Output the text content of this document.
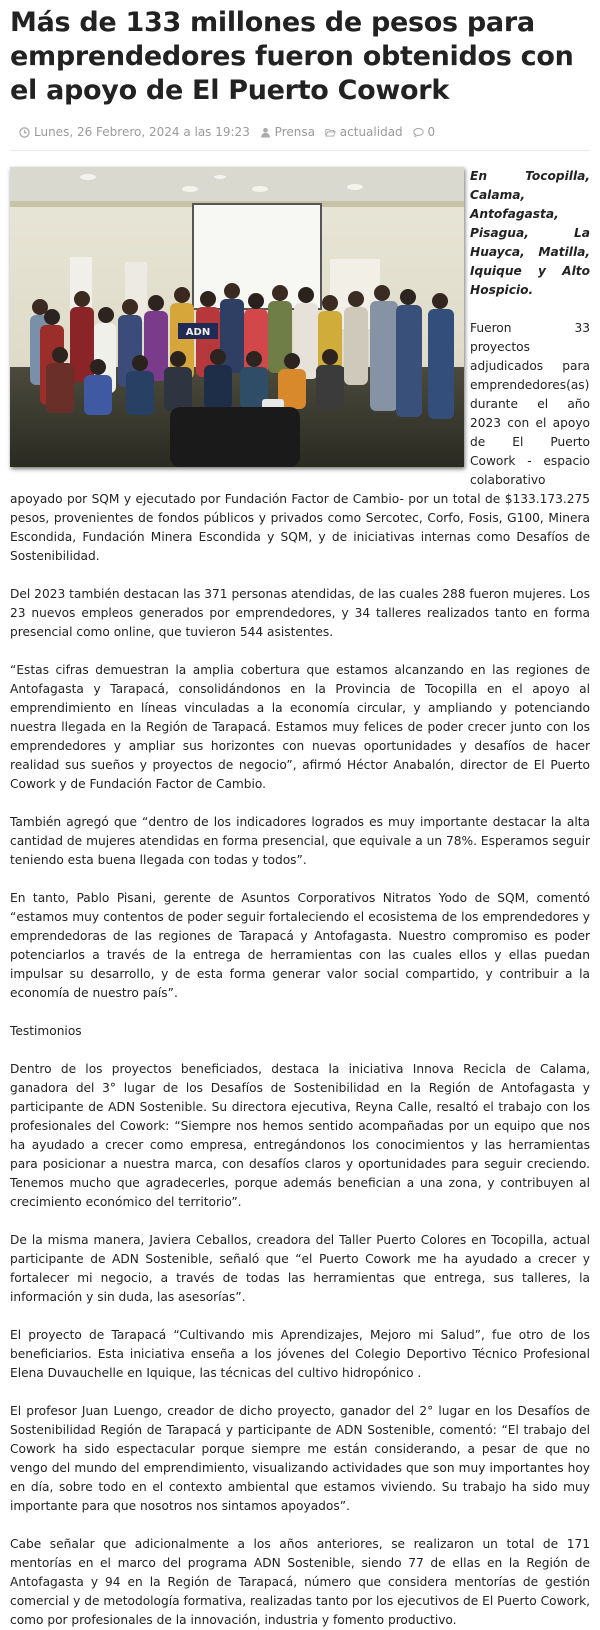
Más de 133 millones de pesos para emprendedores fueron obtenidos con el apoyo de El Puerto Cowork
Lunes, 26 Febrero, 2024 a las 19:23
Prensa
actualidad
0
ADN

En Tocopilla, Calama, Antofagasta, Pisagua, La Huayca, Matilla, Iquique y Alto Hospicio.

Fueron 33 proyectos adjudicados para emprendedores(as) durante el año 2023 con el apoyo de El Puerto Cowork - espacio colaborativo apoyado por SQM y ejecutado por Fundación Factor de Cambio- por un total de $133.173.275 pesos, provenientes de fondos públicos y privados como Sercotec, Corfo, Fosis, G100, Minera Escondida, Fundación Minera Escondida y SQM, y de iniciativas internas como Desafíos de Sostenibilidad.

Del 2023 también destacan las 371 personas atendidas, de las cuales 288 fueron mujeres. Los 23 nuevos empleos generados por emprendedores, y 34 talleres realizados tanto en forma presencial como online, que tuvieron 544 asistentes.

“Estas cifras demuestran la amplia cobertura que estamos alcanzando en las regiones de Antofagasta y Tarapacá, consolidándonos en la Provincia de Tocopilla en el apoyo al emprendimiento en líneas vinculadas a la economía circular, y ampliando y potenciando nuestra llegada en la Región de Tarapacá. Estamos muy felices de poder crecer junto con los emprendedores y ampliar sus horizontes con nuevas oportunidades y desafíos de hacer realidad sus sueños y proyectos de negocio”, afirmó Héctor Anabalón, director de El Puerto Cowork y de Fundación Factor de Cambio.

También agregó que “dentro de los indicadores logrados es muy importante destacar la alta cantidad de mujeres atendidas en forma presencial, que equivale a un 78%. Esperamos seguir teniendo esta buena llegada con todas y todos”.

En tanto, Pablo Pisani, gerente de Asuntos Corporativos Nitratos Yodo de SQM, comentó “estamos muy contentos de poder seguir fortaleciendo el ecosistema de los emprendedores y emprendedoras de las regiones de Tarapacá y Antofagasta. Nuestro compromiso es poder potenciarlos a través de la entrega de herramientas con las cuales ellos y ellas puedan impulsar su desarrollo, y de esta forma generar valor social compartido, y contribuir a la economía de nuestro país”.

Testimonios

Dentro de los proyectos beneficiados, destaca la iniciativa Innova Recicla de Calama, ganadora del 3° lugar de los Desafíos de Sostenibilidad en la Región de Antofagasta y participante de ADN Sostenible. Su directora ejecutiva, Reyna Calle, resaltó el trabajo con los profesionales del Cowork: “Siempre nos hemos sentido acompañadas por un equipo que nos ha ayudado a crecer como empresa, entregándonos los conocimientos y las herramientas para posicionar a nuestra marca, con desafíos claros y oportunidades para seguir creciendo. Tenemos mucho que agradecerles, porque además benefician a una zona, y contribuyen al crecimiento económico del territorio”.

De la misma manera, Javiera Ceballos, creadora del Taller Puerto Colores en Tocopilla, actual participante de ADN Sostenible, señaló que “el Puerto Cowork me ha ayudado a crecer y fortalecer mi negocio, a través de todas las herramientas que entrega, sus talleres, la información y sin duda, las asesorías”.

El proyecto de Tarapacá “Cultivando mis Aprendizajes, Mejoro mi Salud”, fue otro de los beneficiarios. Esta iniciativa enseña a los jóvenes del Colegio Deportivo Técnico Profesional Elena Duvauchelle en Iquique, las técnicas del cultivo hidropónico .

El profesor Juan Luengo, creador de dicho proyecto, ganador del 2° lugar en los Desafíos de Sostenibilidad Región de Tarapacá y participante de ADN Sostenible, comentó: “El trabajo del Cowork ha sido espectacular porque siempre me están considerando, a pesar de que no vengo del mundo del emprendimiento, visualizando actividades que son muy importantes hoy en día, sobre todo en el contexto ambiental que estamos viviendo. Su trabajo ha sido muy importante para que nosotros nos sintamos apoyados”.

Cabe señalar que adicionalmente a los años anteriores, se realizaron un total de 171 mentorías en el marco del programa ADN Sostenible, siendo 77 de ellas en la Región de Antofagasta y 94 en la Región de Tarapacá, número que considera mentorías de gestión comercial y de metodología formativa, realizadas tanto por los ejecutivos de El Puerto Cowork, como por profesionales de la innovación, industria y fomento productivo.
